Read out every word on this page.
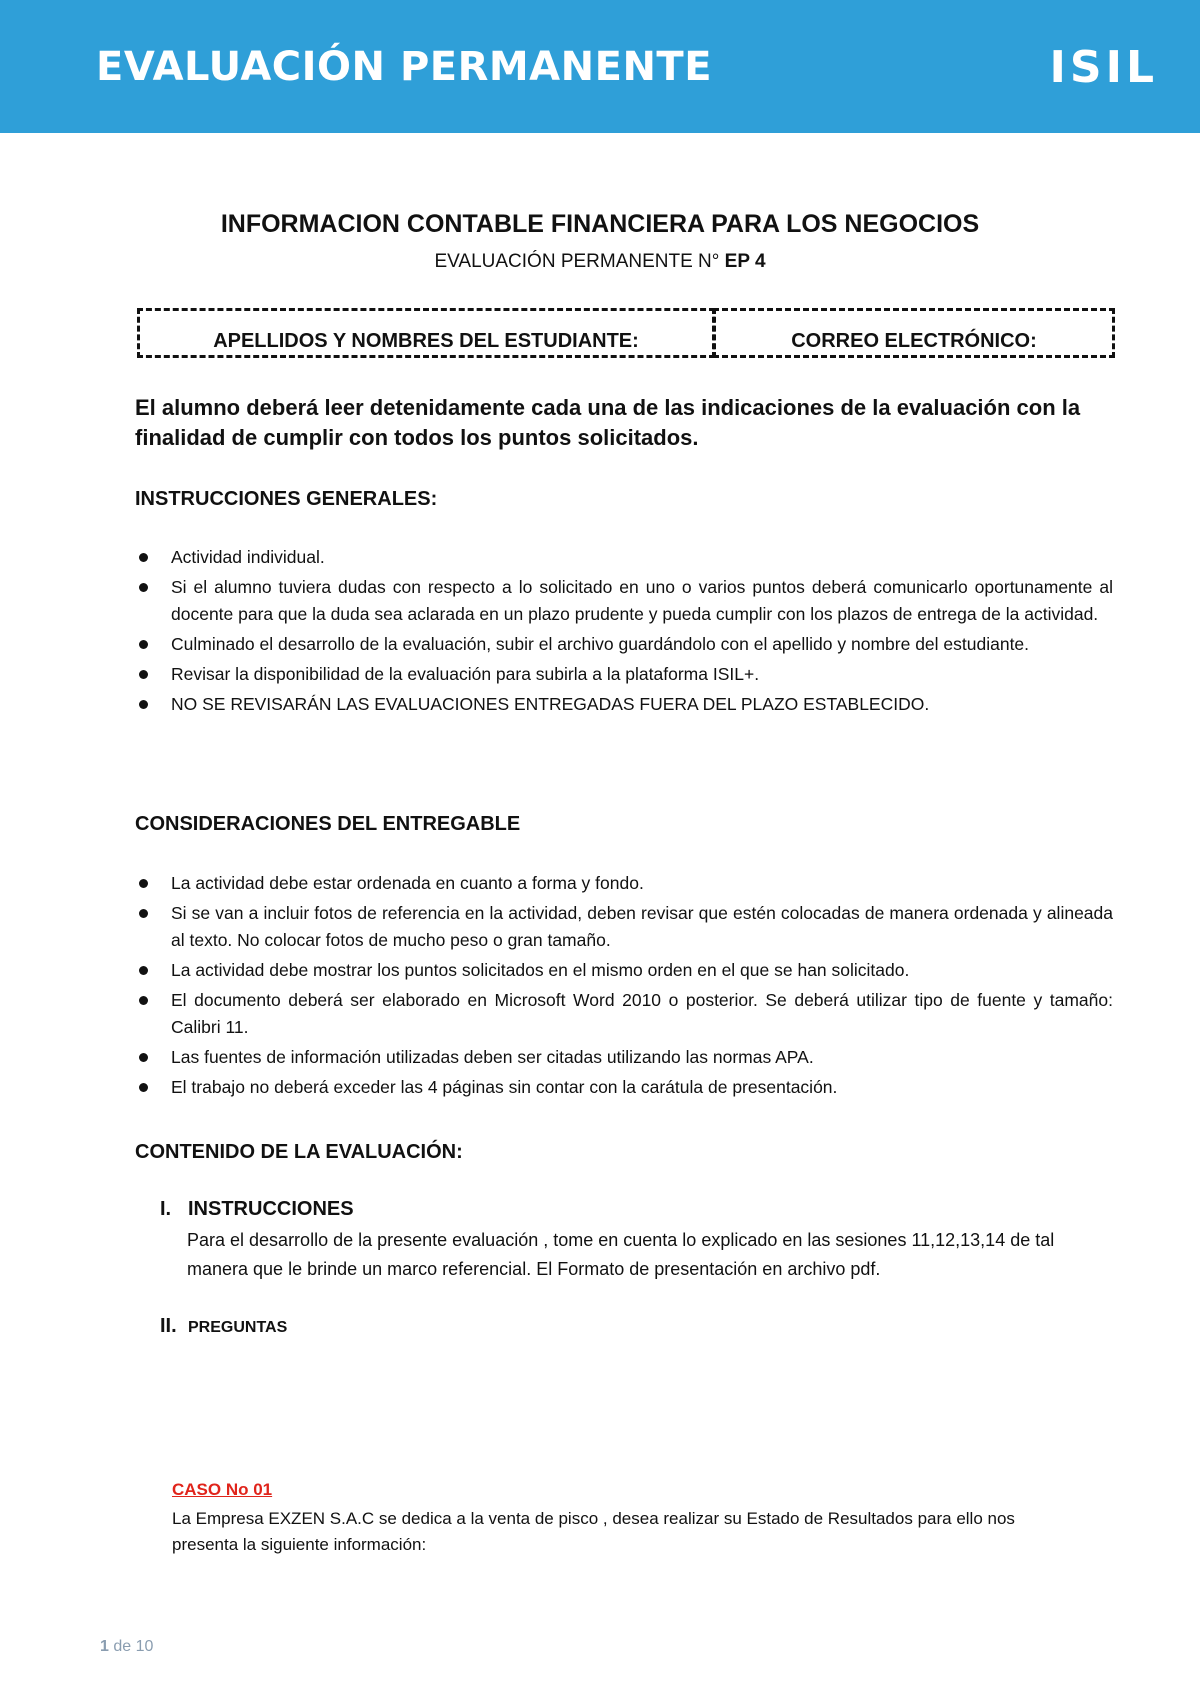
EVALUACIÓN PERMANENTE	ISIL
INFORMACION CONTABLE FINANCIERA PARA LOS NEGOCIOS
EVALUACIÓN PERMANENTE N° EP 4
APELLIDOS Y NOMBRES DEL ESTUDIANTE:	CORREO ELECTRÓNICO:
El alumno deberá leer detenidamente cada una de las indicaciones de la evaluación con la finalidad de cumplir con todos los puntos solicitados.
INSTRUCCIONES GENERALES:
Actividad individual.
Si el alumno tuviera dudas con respecto a lo solicitado en uno o varios puntos deberá comunicarlo oportunamente al docente para que la duda sea aclarada en un plazo prudente y pueda cumplir con los plazos de entrega de la actividad.
Culminado el desarrollo de la evaluación, subir el archivo guardándolo con el apellido y nombre del estudiante.
Revisar la disponibilidad de la evaluación para subirla a la plataforma ISIL+.
NO SE REVISARÁN LAS EVALUACIONES ENTREGADAS FUERA DEL PLAZO ESTABLECIDO.
CONSIDERACIONES DEL ENTREGABLE
La actividad debe estar ordenada en cuanto a forma y fondo.
Si se van a incluir fotos de referencia en la actividad, deben revisar que estén colocadas de manera ordenada y alineada al texto. No colocar fotos de mucho peso o gran tamaño.
La actividad debe mostrar los puntos solicitados en el mismo orden en el que se han solicitado.
El documento deberá ser elaborado en Microsoft Word 2010 o posterior. Se deberá utilizar tipo de fuente y tamaño: Calibri 11.
Las fuentes de información utilizadas deben ser citadas utilizando las normas APA.
El trabajo no deberá exceder las 4 páginas sin contar con la carátula de presentación.
CONTENIDO DE LA EVALUACIÓN:
I. INSTRUCCIONES
Para el desarrollo de la presente evaluación , tome en cuenta lo explicado en las sesiones 11,12,13,14 de tal manera que le brinde un marco referencial. El Formato de presentación en archivo pdf.
II. PREGUNTAS
CASO No 01
La Empresa EXZEN S.A.C se dedica a la venta de pisco , desea realizar su Estado de Resultados para ello nos presenta la siguiente información:
1 de 10
